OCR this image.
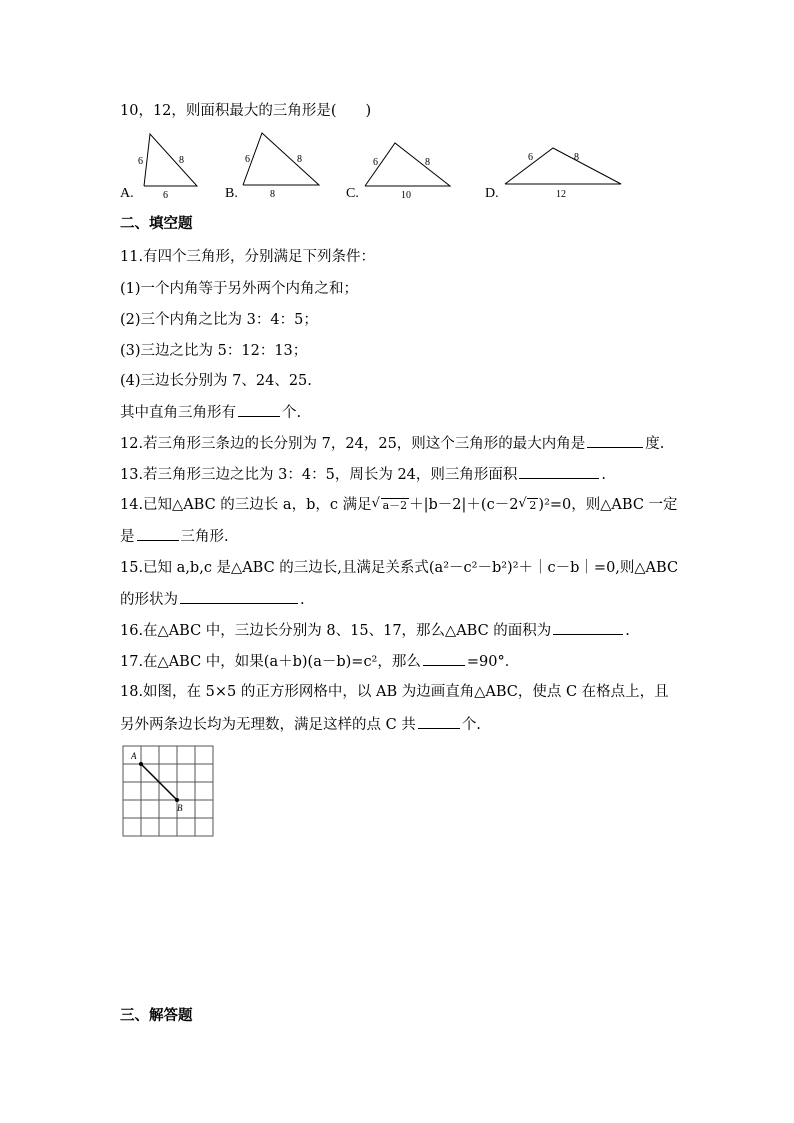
10，12，则面积最大的三角形是(　　)
6	8
6
6	8
8
6	8
10
6	8
12
A.	B.	C.	D.
二、填空题
11.有四个三角形，分别满足下列条件：
(1)一个内角等于另外两个内角之和；
(2)三个内角之比为 3：4：5；
(3)三边之比为 5：12：13；
(4)三边长分别为 7、24、25.
其中直角三角形有	个.
12.若三角形三条边的长分别为 7，24，25，则这个三角形的最大内角是	度.
13.若三角形三边之比为 3：4：5，周长为 24，则三角形面积	.
14.已知△ABC 的三边长 a，b，c 满足 √ a－2 ＋|b－2|＋(c－2 √ 2 )²=0，则△ABC 一定
是	三角形.
15.已知 a,b,c 是△ABC 的三边长,且满足关系式(a²－c²－b²)²＋｜c－b｜=0,则△ABC
的形状为	.
16.在△ABC 中，三边长分别为 8、15、17，那么△ABC 的面积为	.
17.在△ABC 中，如果(a＋b)(a－b)=c²，那么	=90°．
18.如图，在 5×5 的正方形网格中，以 AB 为边画直角△ABC，使点 C 在格点上，且
另外两条边长均为无理数，满足这样的点 C 共	个.
A
B
三、解答题
